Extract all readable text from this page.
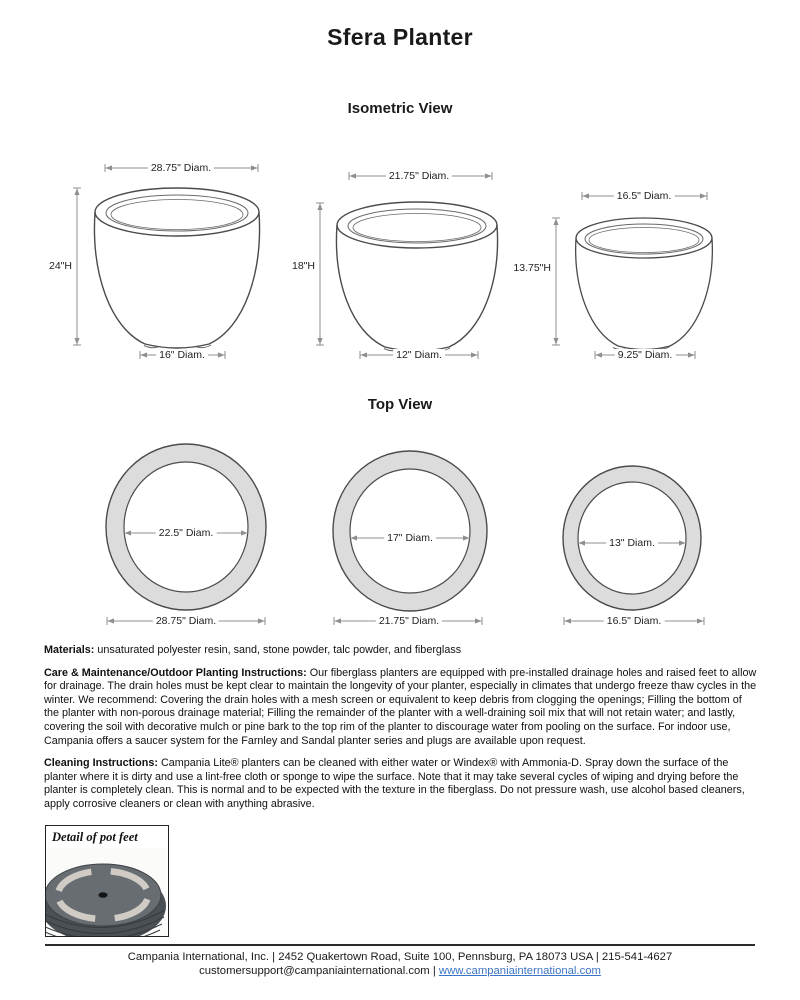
Sfera Planter
Isometric View
28.75" Diam.
24"H
16" Diam.
21.75" Diam.
18"H
12" Diam.
16.5" Diam.
13.75"H
9.25" Diam.
Top View
22.5" Diam.
28.75" Diam.
17" Diam.
21.75" Diam.
13" Diam.
16.5" Diam.

Materials: unsaturated polyester resin, sand, stone powder, talc powder, and fiberglass

Care & Maintenance/Outdoor Planting Instructions: Our fiberglass planters are equipped with pre-installed drainage holes and raised feet to allow for drainage. The drain holes must be kept clear to maintain the longevity of your planter, especially in climates that undergo freeze thaw cycles in the winter. We recommend: Covering the drain holes with a mesh screen or equivalent to keep debris from clogging the openings; Filling the bottom of the planter with non-porous drainage material; Filling the remainder of the planter with a well-draining soil mix that will not retain water; and lastly, covering the soil with decorative mulch or pine bark to the top rim of the planter to discourage water from pooling on the surface. For indoor use, Campania offers a saucer system for the Farnley and Sandal planter series and plugs are available upon request.

Cleaning Instructions: Campania Lite® planters can be cleaned with either water or Windex® with Ammonia-D. Spray down the surface of the planter where it is dirty and use a lint-free cloth or sponge to wipe the surface. Note that it may take several cycles of wiping and drying before the planter is completely clean. This is normal and to be expected with the texture in the fiberglass. Do not pressure wash, use alcohol based cleaners, apply corrosive cleaners or clean with anything abrasive.

Detail of pot feet
Campania International, Inc. | 2452 Quakertown Road, Suite 100, Pennsburg, PA 18073 USA | 215-541-4627
customersupport@campaniainternational.com | www.campaniainternational.com
